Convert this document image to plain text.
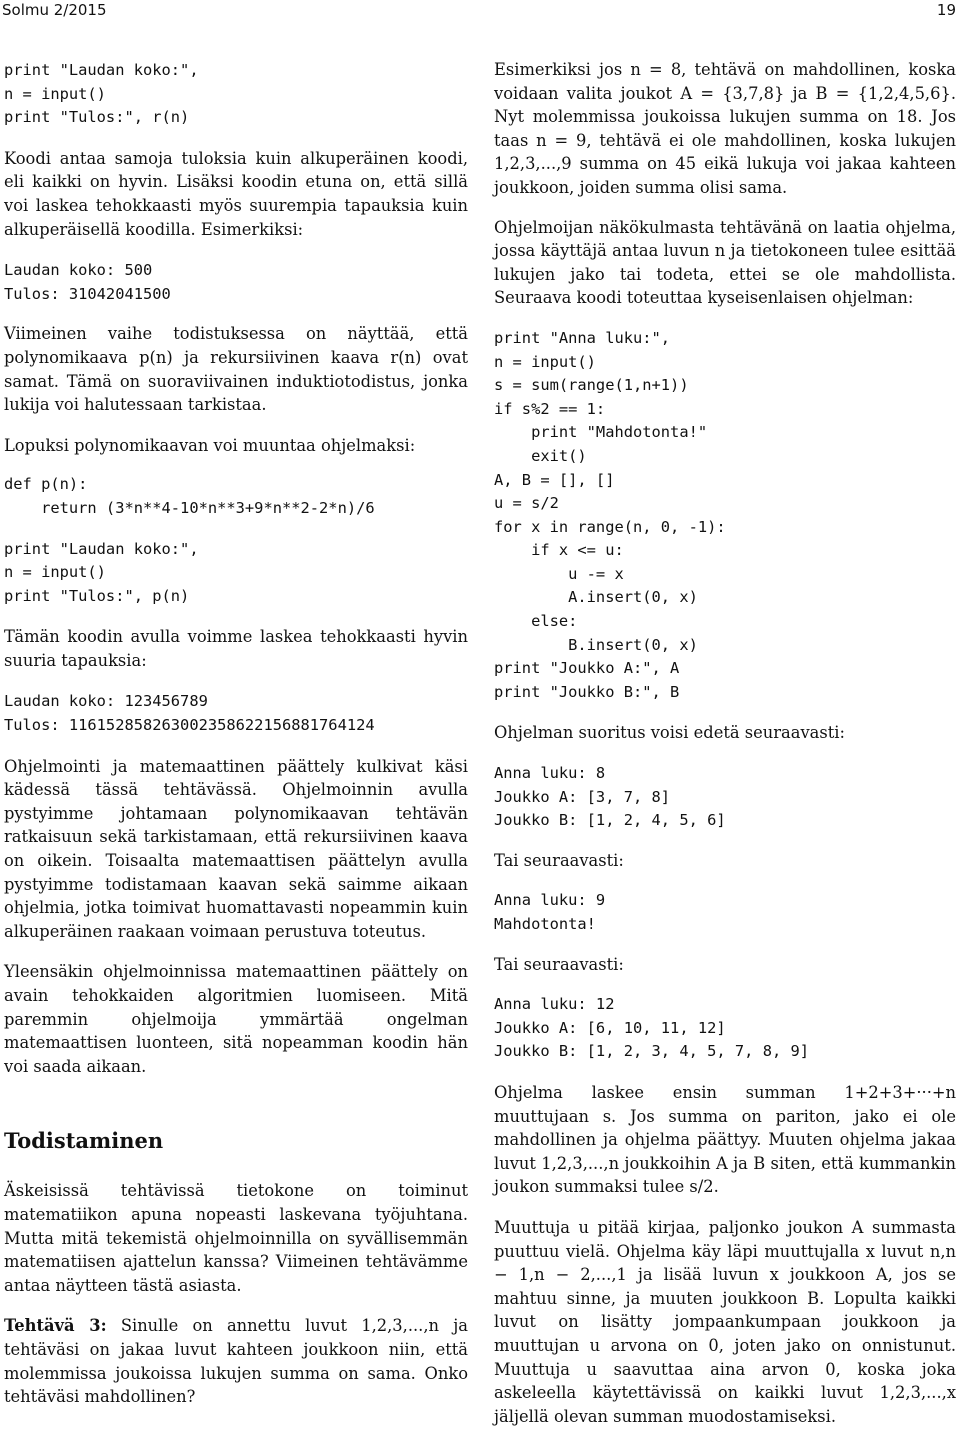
Solmu 2/2015	19
print "Laudan koko:",
n = input()
print "Tulos:", r(n)

Koodi antaa samoja tuloksia kuin alkuperäinen koodi, eli kaikki on hyvin. Lisäksi koodin etuna on, että sillä voi laskea tehokkaasti myös suurempia tapauksia kuin alkuperäisellä koodilla. Esimerkiksi:

Laudan koko: 500
Tulos: 31042041500

Viimeinen vaihe todistuksessa on näyttää, että polynomikaava p(n) ja rekursiivinen kaava r(n) ovat samat. Tämä on suoraviivainen induktiotodistus, jonka lukija voi halutessaan tarkistaa.

Lopuksi polynomikaavan voi muuntaa ohjelmaksi:

def p(n):
return (3*n**4-10*n**3+9*n**2-2*n)/6
print "Laudan koko:",
n = input()
print "Tulos:", p(n)

Tämän koodin avulla voimme laskea tehokkaasti hyvin suuria tapauksia:

Laudan koko: 123456789
Tulos: 116152858263002358622156881764124

Ohjelmointi ja matemaattinen päättely kulkivat käsi kädessä tässä tehtävässä. Ohjelmoinnin avulla pystyimme johtamaan polynomikaavan tehtävän ratkaisuun sekä tarkistamaan, että rekursiivinen kaava on oikein. Toisaalta matemaattisen päättelyn avulla pystyimme todistamaan kaavan sekä saimme aikaan ohjelmia, jotka toimivat huomattavasti nopeammin kuin alkuperäinen raakaan voimaan perustuva toteutus.

Yleensäkin ohjelmoinnissa matemaattinen päättely on avain tehokkaiden algoritmien luomiseen. Mitä paremmin ohjelmoija ymmärtää ongelman matemaattisen luonteen, sitä nopeamman koodin hän voi saada aikaan.

Todistaminen

Äskeisissä tehtävissä tietokone on toiminut matematiikon apuna nopeasti laskevana työjuhtana. Mutta mitä tekemistä ohjelmoinnilla on syvällisemmän matematiisen ajattelun kanssa? Viimeinen tehtävämme antaa näytteen tästä asiasta.

Tehtävä 3: Sinulle on annettu luvut 1,2,3,...,n ja tehtäväsi on jakaa luvut kahteen joukkoon niin, että molemmissa joukoissa lukujen summa on sama. Onko tehtäväsi mahdollinen?

Esimerkiksi jos n = 8, tehtävä on mahdollinen, koska voidaan valita joukot A = {3,7,8} ja B = {1,2,4,5,6}. Nyt molemmissa joukoissa lukujen summa on 18. Jos taas n = 9, tehtävä ei ole mahdollinen, koska lukujen 1,2,3,...,9 summa on 45 eikä lukuja voi jakaa kahteen joukkoon, joiden summa olisi sama.

Ohjelmoijan näkökulmasta tehtävänä on laatia ohjelma, jossa käyttäjä antaa luvun n ja tietokoneen tulee esittää lukujen jako tai todeta, ettei se ole mahdollista. Seuraava koodi toteuttaa kyseisenlaisen ohjelman:

print "Anna luku:",
n = input()
s = sum(range(1,n+1))
if s%2 == 1:
print "Mahdotonta!"
exit()
A, B = [], []
u = s/2
for x in range(n, 0, -1):
if x <= u:
u -= x
A.insert(0, x)
else:
B.insert(0, x)
print "Joukko A:", A
print "Joukko B:", B

Ohjelman suoritus voisi edetä seuraavasti:

Anna luku: 8
Joukko A: [3, 7, 8]
Joukko B: [1, 2, 4, 5, 6]

Tai seuraavasti:

Anna luku: 9
Mahdotonta!

Tai seuraavasti:

Anna luku: 12
Joukko A: [6, 10, 11, 12]
Joukko B: [1, 2, 3, 4, 5, 7, 8, 9]

Ohjelma laskee ensin summan 1+2+3+···+n muuttujaan s. Jos summa on pariton, jako ei ole mahdollinen ja ohjelma päättyy. Muuten ohjelma jakaa luvut 1,2,3,...,n joukkoihin A ja B siten, että kummankin joukon summaksi tulee s/2.

Muuttuja u pitää kirjaa, paljonko joukon A summasta puuttuu vielä. Ohjelma käy läpi muuttujalla x luvut n,n − 1,n − 2,...,1 ja lisää luvun x joukkoon A, jos se mahtuu sinne, ja muuten joukkoon B. Lopulta kaikki luvut on lisätty jompaankumpaan joukkoon ja muuttujan u arvona on 0, joten jako on onnistunut. Muuttuja u saavuttaa aina arvon 0, koska joka askeleella käytettävissä on kaikki luvut 1,2,3,...,x jäljellä olevan summan muodostamiseksi.
